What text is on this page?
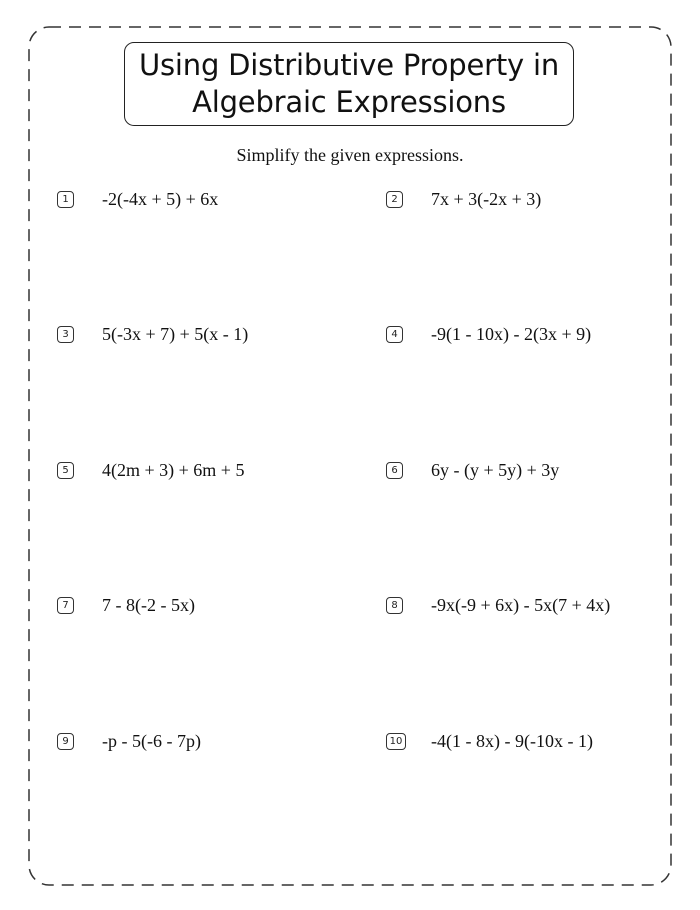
Using Distributive Property in
Algebraic Expressions
Simplify the given expressions.
1 -2(-4x + 5) + 6x	2 7x + 3(-2x + 3)
3 5(-3x + 7) + 5(x - 1)	4 -9(1 - 10x) - 2(3x + 9)
5 4(2m + 3) + 6m + 5	6 6y - (y + 5y) + 3y
7 7 - 8(-2 - 5x)	8 -9x(-9 + 6x) - 5x(7 + 4x)
9 -p - 5(-6 - 7p)	10 -4(1 - 8x) - 9(-10x - 1)
